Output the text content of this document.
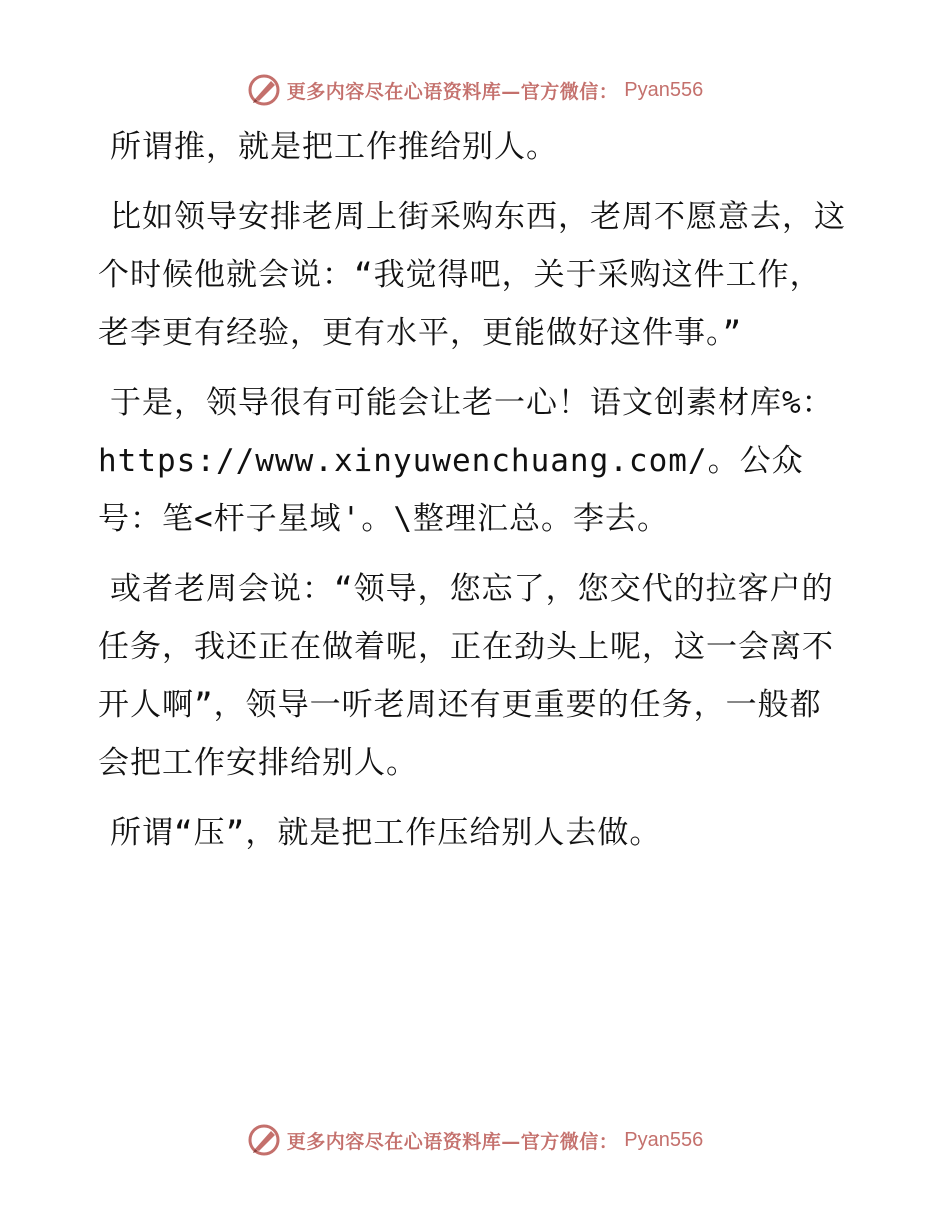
更多内容尽在心语资料库—官方微信： Pyan556

所谓推，就是把工作推给别人。

比如领导安排老周上街采购东西，老周不愿意去，这个时候他就会说：“我觉得吧，关于采购这件工作，老李更有经验，更有水平，更能做好这件事。”

于是，领导很有可能会让老一心！语文创素材库%：https://www.xinyuwenchuang.com/。公众号：笔<杆子星域'。\整理汇总。李去。

或者老周会说：“领导，您忘了，您交代的拉客户的任务，我还正在做着呢，正在劲头上呢，这一会离不开人啊”，领导一听老周还有更重要的任务，一般都会把工作安排给别人。

所谓“压”，就是把工作压给别人去做。

更多内容尽在心语资料库—官方微信： Pyan556
